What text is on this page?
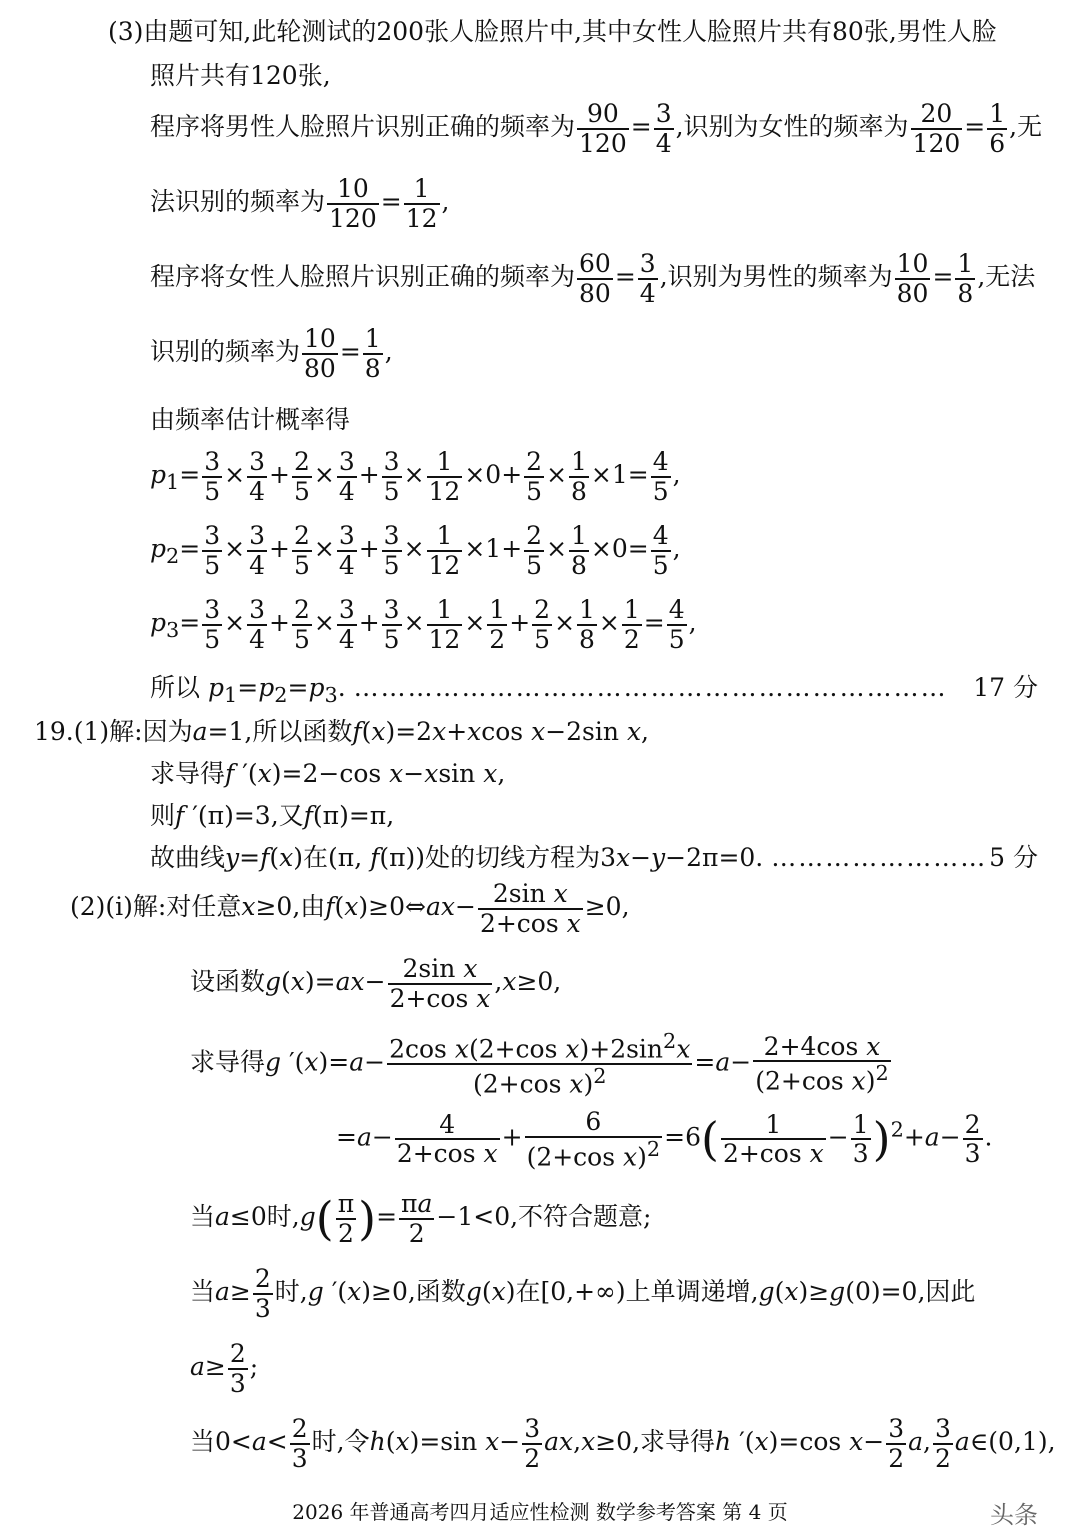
(3)由题可知,此轮测试的200张人脸照片中,其中女性人脸照片共有80张,男性人脸
照片共有120张,
程序将男性人脸照片识别正确的频率为 $\frac{90}{120} = \frac{3}{4}$ ,识别为女性的频率为 $\frac{20}{120} = \frac{1}{6}$ ,无
法识别的频率为 $\frac{10}{120} = \frac{1}{12}$ ,
程序将女性人脸照片识别正确的频率为 $\frac{60}{80} = \frac{3}{4}$ ,识别为男性的频率为 $\frac{10}{80} = \frac{1}{8}$ ,无法
识别的频率为 $\frac{10}{80} = \frac{1}{8}$ ,
由频率估计概率得
$p_1= \frac{3}{5} \times \frac{3}{4} + \frac{2}{5} \times \frac{3}{4} + \frac{3}{5} \times \frac{1}{12} \times 0+ \frac{2}{5} \times \frac{1}{8} \times 1= \frac{4}{5}$ ,
$p_2= \frac{3}{5} \times \frac{3}{4} + \frac{2}{5} \times \frac{3}{4} + \frac{3}{5} \times \frac{1}{12} \times 1+ \frac{2}{5} \times \frac{1}{8} \times 0= \frac{4}{5}$ ,
$p_3= \frac{3}{5} \times \frac{3}{4} + \frac{2}{5} \times \frac{3}{4} + \frac{3}{5} \times \frac{1}{12} \times \frac{1}{2} + \frac{2}{5} \times \frac{1}{8} \times \frac{1}{2} = \frac{4}{5}$ ,
所以 $p_1=p_2=p_3$. ………………………………………………………… 17 分
19.(1)解:因为a=1,所以函数f(x)=2x+xcos x−2sin x,
求导得f ′(x)=2−cos x−xsin x,
则f ′(π)=3,又f(π)=π,
故曲线y=f(x)在(π, f(π))处的切线方程为3x−y−2π=0. …………………… 5 分
(2)(i)解:对任意x≥0,由f(x)≥0⇔ax− $\frac{\text{2sin x}}{\text{2+cos x}} \ge 0$,
设函数$g(x)=ax- \frac{\text{2sin x}}{\text{2+cos x}} ,x\ge 0$,
求导得g $'(x)=a- \frac{2\cos x(2+\cos x)+2\sin^2x}{(2+\cos x)^2} =a- \frac{\text{2+4cos x}}{(2+\cos x)^2}$
$=a- \frac{4}{\text{2+cos x}} + \frac{6}{(2+\cos x)^2} =6( \frac{1}{\text{2+cos x}} - \frac{1}{3} )^2+a- \frac{2}{3}$ .
当a≤0时$,g( \frac{\pi}{2}$ )= $\frac{\pi a}{2} -1<0$,不符合题意;
当$a\ge \frac{2}{3}$ 时,g ′(x)≥0,函数g(x)在[0,+∞)上单调递增,g(x)≥g(0)=0,因此
$a\ge \frac{2}{3}$ ;
当$0<a< \frac{2}{3}$ 时,令h(x)=sin $x- \frac{3}{2} ax,x\ge 0$,求导得h ′(x)=cos $x- \frac{3}{2} a$, $\frac{3}{2}$ a∈(0,1),
2026 年普通高考四月适应性检测 数学参考答案 第 4 页	头条
